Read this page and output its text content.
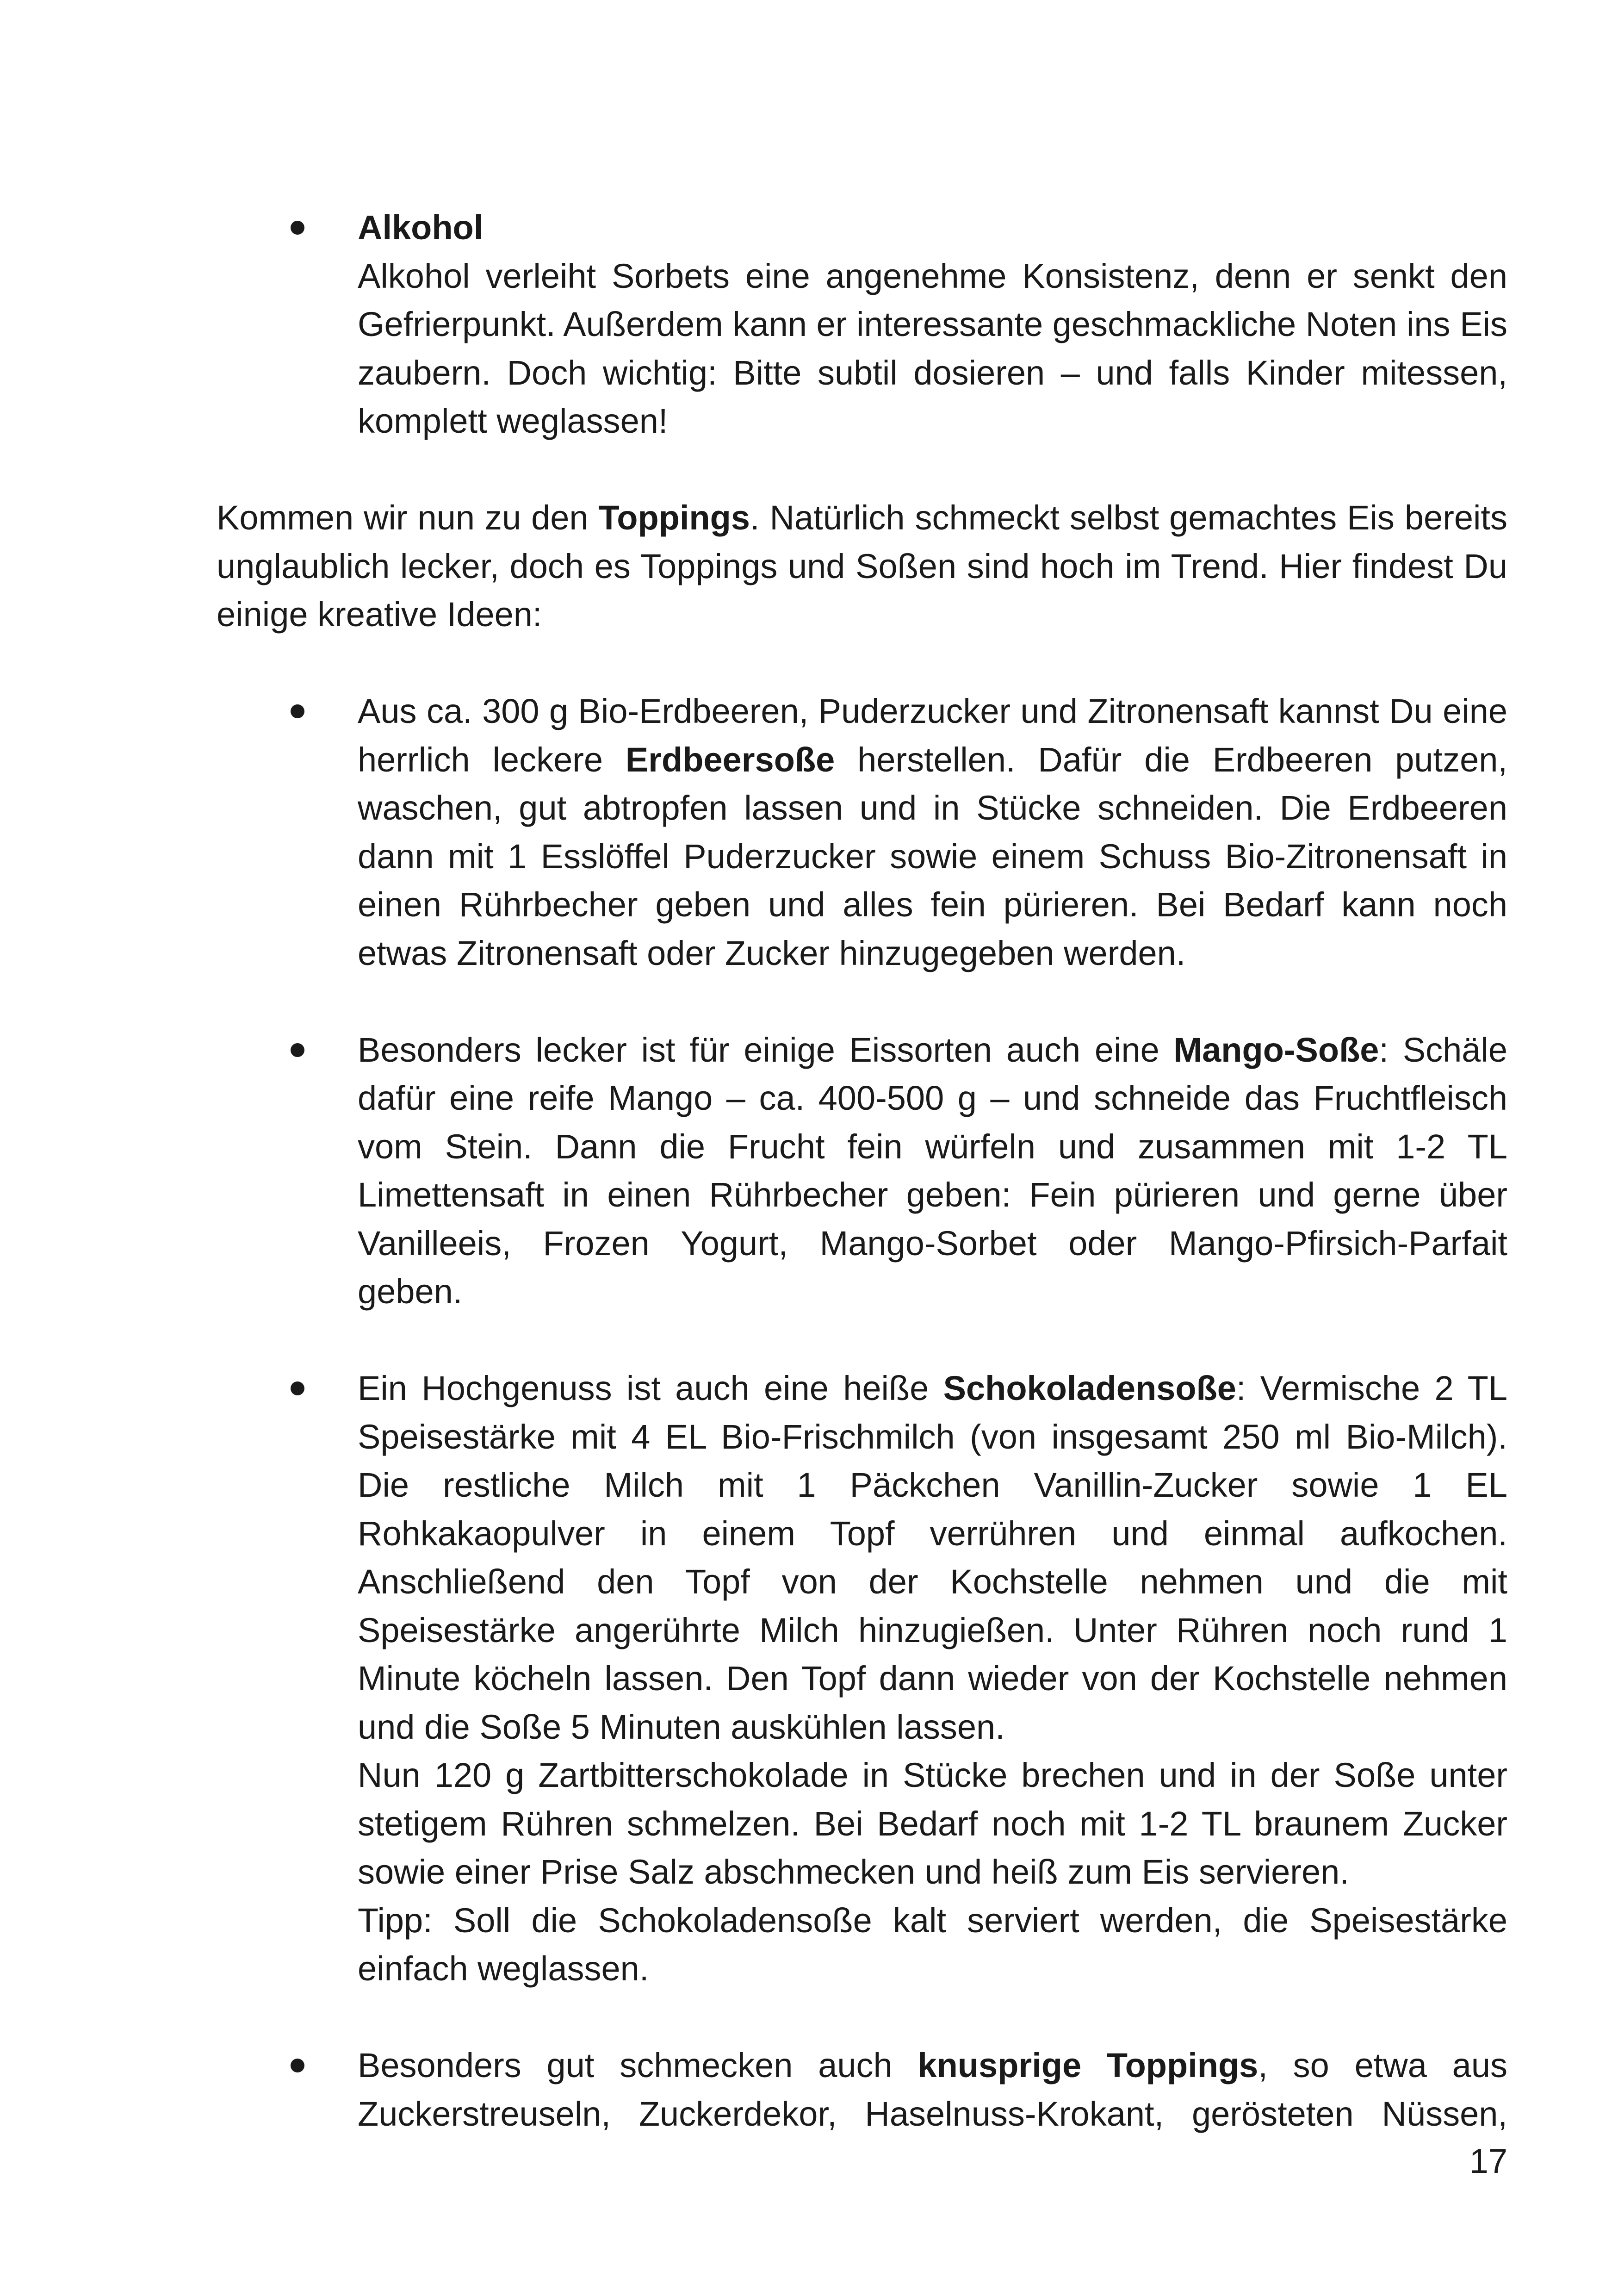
Alkohol

Alkohol verleiht Sorbets eine angenehme Konsistenz, denn er senkt den Gefrierpunkt. Außerdem kann er interessante geschmackliche Noten ins Eis zaubern. Doch wichtig: Bitte subtil dosieren – und falls Kinder mitessen, komplett weglassen!

Kommen wir nun zu den Toppings. Natürlich schmeckt selbst gemachtes Eis bereits unglaublich lecker, doch es Toppings und Soßen sind hoch im Trend. Hier findest Du einige kreative Ideen:

Aus ca. 300 g Bio-Erdbeeren, Puderzucker und Zitronensaft kannst Du eine herrlich leckere Erdbeersoße herstellen. Dafür die Erdbeeren putzen, waschen, gut abtropfen lassen und in Stücke schneiden. Die Erdbeeren dann mit 1 Esslöffel Puderzucker sowie einem Schuss Bio-Zitronensaft in einen Rührbecher geben und alles fein pürieren. Bei Bedarf kann noch etwas Zitronensaft oder Zucker hinzugegeben werden.

Besonders lecker ist für einige Eissorten auch eine Mango-Soße: Schäle dafür eine reife Mango – ca. 400-500 g – und schneide das Fruchtfleisch vom Stein. Dann die Frucht fein würfeln und zusammen mit 1-2 TL Limettensaft in einen Rührbecher geben: Fein pürieren und gerne über Vanilleeis, Frozen Yogurt, Mango-Sorbet oder Mango-Pfirsich-Parfait geben.

Ein Hochgenuss ist auch eine heiße Schokoladensoße: Vermische 2 TL Speisestärke mit 4 EL Bio-Frischmilch (von insgesamt 250 ml Bio-Milch). Die restliche Milch mit 1 Päckchen Vanillin-Zucker sowie 1 EL Rohkakaopulver in einem Topf verrühren und einmal aufkochen. Anschließend den Topf von der Kochstelle nehmen und die mit Speisestärke angerührte Milch hinzugießen. Unter Rühren noch rund 1 Minute köcheln lassen. Den Topf dann wieder von der Kochstelle nehmen und die Soße 5 Minuten auskühlen lassen.

Nun 120 g Zartbitterschokolade in Stücke brechen und in der Soße unter stetigem Rühren schmelzen. Bei Bedarf noch mit 1-2 TL braunem Zucker sowie einer Prise Salz abschmecken und heiß zum Eis servieren.

Tipp: Soll die Schokoladensoße kalt serviert werden, die Speisestärke einfach weglassen.

Besonders gut schmecken auch knusprige Toppings, so etwa aus Zuckerstreuseln, Zuckerdekor, Haselnuss-Krokant, gerösteten Nüssen,

17
